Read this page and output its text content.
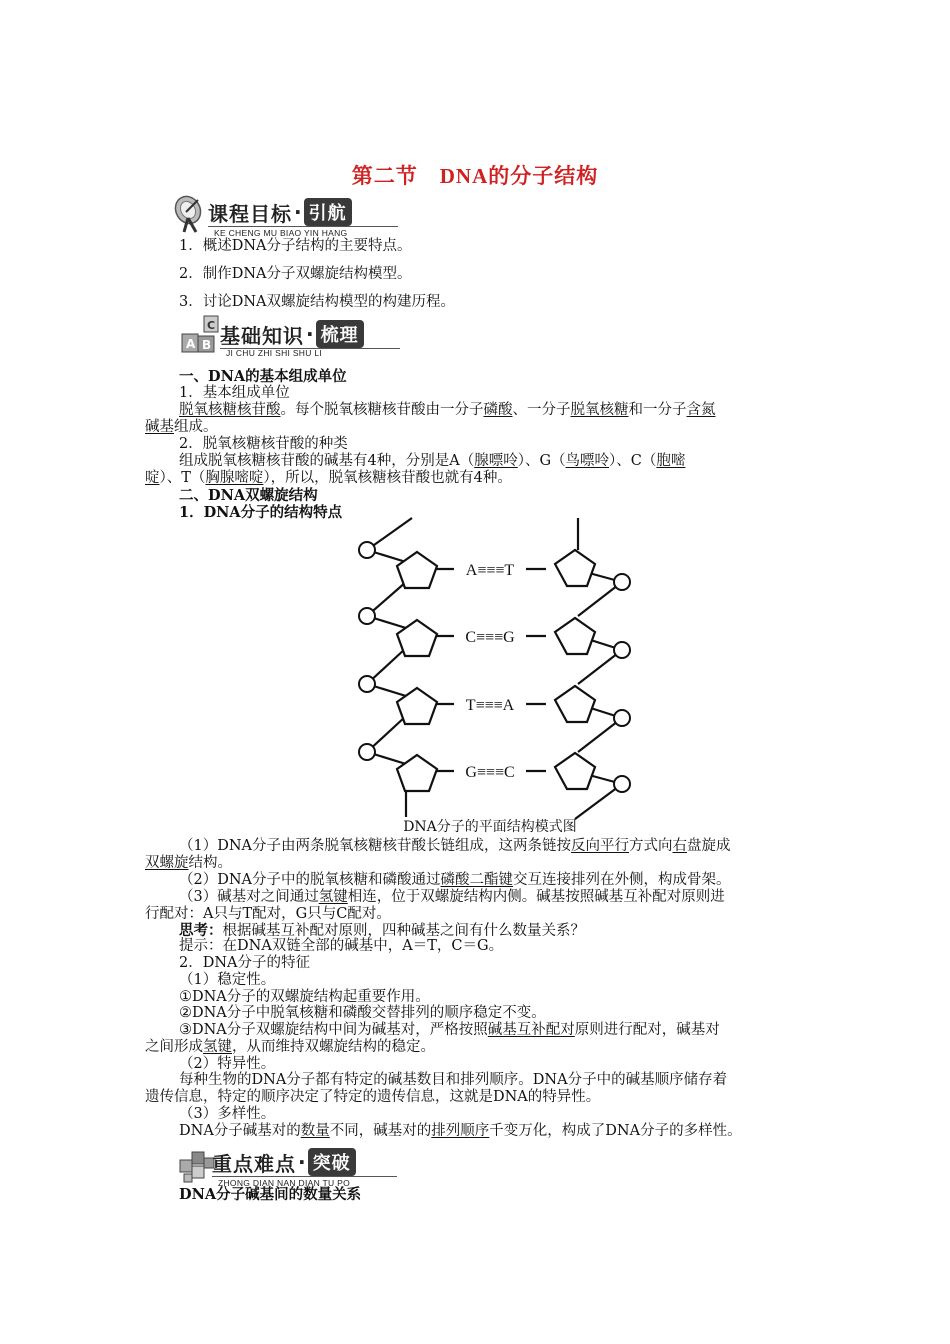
第二节　DNA的分子结构
课程目标 · 引航
KE CHENG MU BIAO YIN HANG
1．概述DNA分子结构的主要特点。
2．制作DNA分子双螺旋结构模型。
3．讨论DNA双螺旋结构模型的构建历程。
A B
C 基础知识 · 梳理
JI CHU ZHI SHI SHU LI
一、DNA的基本组成单位
1．基本组成单位
脱氧核糖核苷酸。每个脱氧核糖核苷酸由一分子磷酸、一分子脱氧核糖和一分子含氮
碱基组成。
2．脱氧核糖核苷酸的种类
组成脱氧核糖核苷酸的碱基有4种，分别是A（腺嘌呤）、G（鸟嘌呤）、C（胞嘧
啶）、T（胸腺嘧啶），所以，脱氧核糖核苷酸也就有4种。
二、DNA双螺旋结构
1．DNA分子的结构特点
A≡≡≡T
C≡≡≡G
T≡≡≡A
G≡≡≡C
DNA分子的平面结构模式图
（1）DNA分子由两条脱氧核糖核苷酸长链组成，这两条链按反向平行方式向右盘旋成
双螺旋结构。
（2）DNA分子中的脱氧核糖和磷酸通过磷酸二酯键交互连接排列在外侧，构成骨架。
（3）碱基对之间通过氢键相连，位于双螺旋结构内侧。碱基按照碱基互补配对原则进
行配对：A只与T配对，G只与C配对。
思考：根据碱基互补配对原则，四种碱基之间有什么数量关系？
提示：在DNA双链全部的碱基中，A＝T，C＝G。
2．DNA分子的特征
（1）稳定性。
①DNA分子的双螺旋结构起重要作用。
②DNA分子中脱氧核糖和磷酸交替排列的顺序稳定不变。
③DNA分子双螺旋结构中间为碱基对，严格按照碱基互补配对原则进行配对，碱基对
之间形成氢键，从而维持双螺旋结构的稳定。
（2）特异性。
每种生物的DNA分子都有特定的碱基数目和排列顺序。DNA分子中的碱基顺序储存着
遗传信息，特定的顺序决定了特定的遗传信息，这就是DNA的特异性。
（3）多样性。
DNA分子碱基对的数量不同，碱基对的排列顺序千变万化，构成了DNA分子的多样性。
重点难点 · 突破
ZHONG DIAN NAN DIAN TU PO
DNA分子碱基间的数量关系
